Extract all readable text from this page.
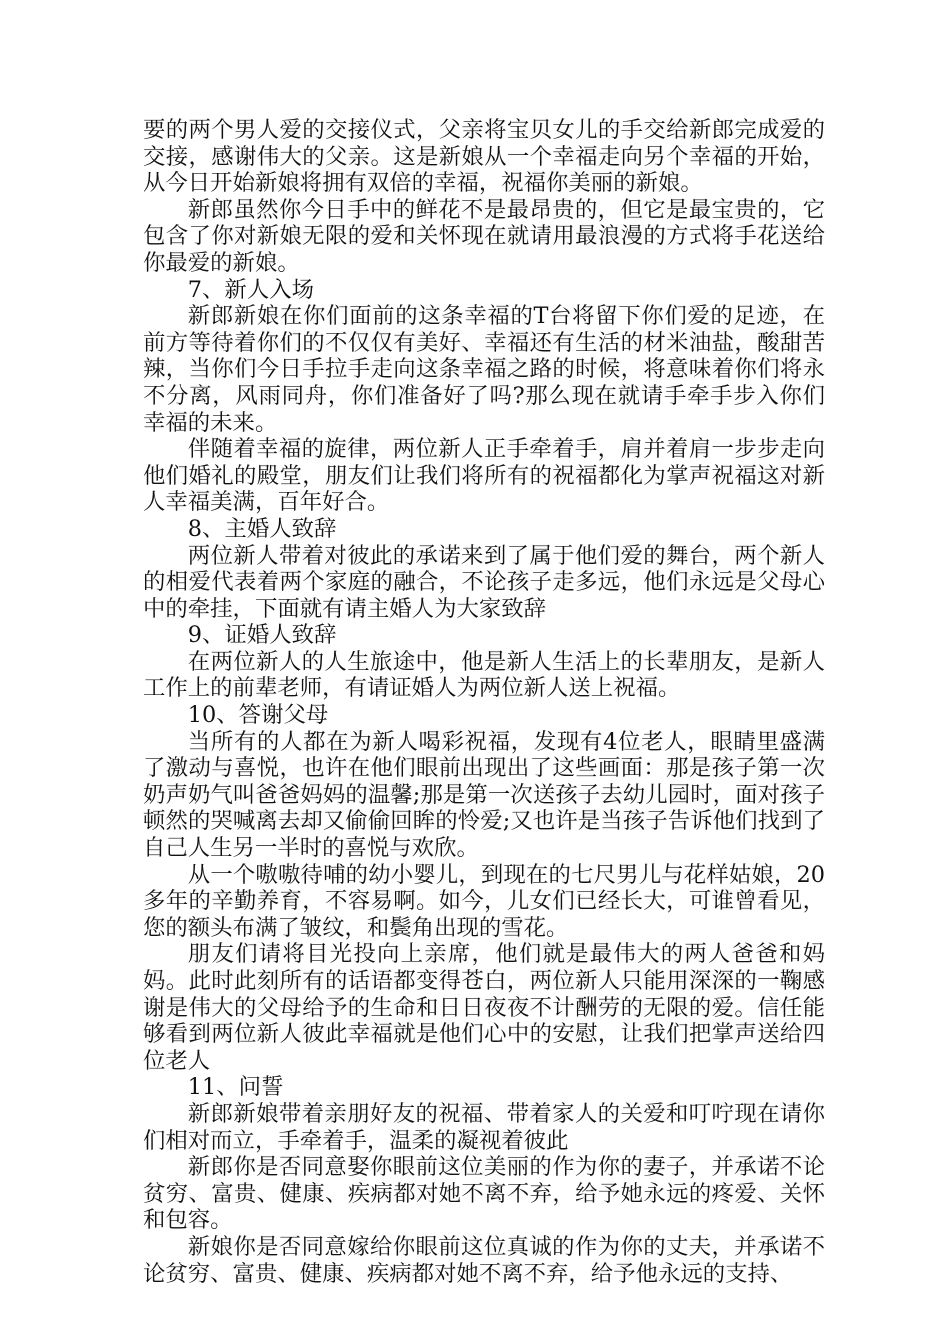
要的两个男人爱的交接仪式，父亲将宝贝女儿的手交给新郎完成爱的交接，感谢伟大的父亲。这是新娘从一个幸福走向另个幸福的开始，从今日开始新娘将拥有双倍的幸福，祝福你美丽的新娘。

新郎虽然你今日手中的鲜花不是最昂贵的，但它是最宝贵的，它包含了你对新娘无限的爱和关怀现在就请用最浪漫的方式将手花送给你最爱的新娘。

7、新人入场

新郎新娘在你们面前的这条幸福的T台将留下你们爱的足迹，在前方等待着你们的不仅仅有美好、幸福还有生活的材米油盐，酸甜苦辣，当你们今日手拉手走向这条幸福之路的时候，将意味着你们将永不分离，风雨同舟，你们准备好了吗?那么现在就请手牵手步入你们幸福的未来。

伴随着幸福的旋律，两位新人正手牵着手，肩并着肩一步步走向他们婚礼的殿堂，朋友们让我们将所有的祝福都化为掌声祝福这对新人幸福美满，百年好合。

8、主婚人致辞

两位新人带着对彼此的承诺来到了属于他们爱的舞台，两个新人的相爱代表着两个家庭的融合，不论孩子走多远，他们永远是父母心中的牵挂，下面就有请主婚人为大家致辞

9、证婚人致辞

在两位新人的人生旅途中，他是新人生活上的长辈朋友，是新人工作上的前辈老师，有请证婚人为两位新人送上祝福。

10、答谢父母

当所有的人都在为新人喝彩祝福，发现有4位老人，眼睛里盛满了激动与喜悦，也许在他们眼前出现出了这些画面：那是孩子第一次奶声奶气叫爸爸妈妈的温馨;那是第一次送孩子去幼儿园时，面对孩子顿然的哭喊离去却又偷偷回眸的怜爱;又也许是当孩子告诉他们找到了自己人生另一半时的喜悦与欢欣。

从一个嗷嗷待哺的幼小婴儿，到现在的七尺男儿与花样姑娘，20多年的辛勤养育，不容易啊。如今，儿女们已经长大，可谁曾看见，您的额头布满了皱纹，和鬓角出现的雪花。

朋友们请将目光投向上亲席，他们就是最伟大的两人爸爸和妈妈。此时此刻所有的话语都变得苍白，两位新人只能用深深的一鞠感谢是伟大的父母给予的生命和日日夜夜不计酬劳的无限的爱。信任能够看到两位新人彼此幸福就是他们心中的安慰，让我们把掌声送给四位老人

11、问誓

新郎新娘带着亲朋好友的祝福、带着家人的关爱和叮咛现在请你们相对而立，手牵着手，温柔的凝视着彼此

新郎你是否同意娶你眼前这位美丽的作为你的妻子，并承诺不论贫穷、富贵、健康、疾病都对她不离不弃，给予她永远的疼爱、关怀和包容。

新娘你是否同意嫁给你眼前这位真诚的作为你的丈夫，并承诺不论贫穷、富贵、健康、疾病都对她不离不弃，给予他永远的支持、
